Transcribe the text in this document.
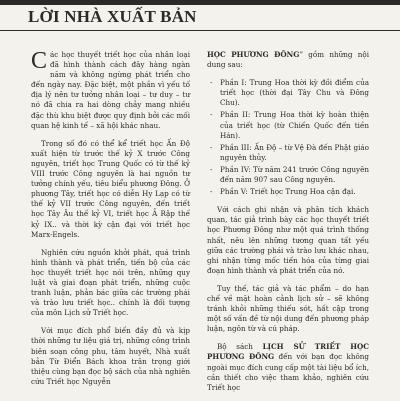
LỜI NHÀ XUẤT BẢN

Các học thuyết triết học của nhân loại đã hình thành cách đây hàng ngàn năm và không ngừng phát triển cho đến ngày nay. Đặc biệt, một phần vì yếu tố địa lý nên tư tưởng nhân loại – tư duy – tư nó đã chia ra hai dòng chảy mang nhiều đặc thù khu biệt được quy định bởi các mối quan hệ kinh tế – xã hội khác nhau.

Trong số đó có thể kể triết học Ấn Độ xuất hiện từ trước thế kỷ X trước Công nguyên, triết học Trung Quốc có từ thế kỷ VIII trước Công nguyên là hai nguồn tư tưởng chính yếu, tiêu biểu phương Đông. Ở phương Tây, triết học có diễn Hy Lạp có từ thế kỷ VII trước Công nguyên, đến triết học Tây Âu thế kỷ VI, triết học Ả Rập thế kỷ IX.. và thời kỳ cận đại với triết học Marx-Engels.

Nghiên cứu nguồn khởi phát, quá trình hình thành và phát triển, tiến bộ của các học thuyết triết học nói trên, những quy luật và giai đoạn phát triển, những cuộc tranh luận, phản bác giữa các trường phái và trào lưu triết học.. chính là đối tượng của môn Lịch sử Triết học.

Với mục đích phổ biến đầy đủ và kịp thời những tư liệu giá trị, những công trình biên soạn công phu, tâm huyết, Nhà xuất bản Từ Điển Bách khoa trân trọng giới thiệu cùng bạn đọc bộ sách của nhà nghiên cứu Triết học Nguyễn

HỌC PHƯƠNG ĐÔNG” gồm những nội dung sau:

- Phần I: Trung Hoa thời kỳ đồi điểm của triết học (thời đại Tây Chu và Đông Chu).
- Phần II: Trung Hoa thời kỳ hoàn thiện của triết học (từ Chiến Quốc đến tiền Hán).
- Phần III: Ấn Độ – từ Vệ Đà đến Phật giáo nguyên thủy.
- Phần IV: Từ năm 241 trước Công nguyên đến năm 907 sau Công nguyên.
- Phần V: Triết học Trung Hoa cận đại.

Với cách ghi nhận và phân tích khách quan, tác giả trình bày các học thuyết triết học Phương Đông như một quá trình thống nhất, nêu lên những tương quan tất yếu giữa các trường phái và trào lưu khác nhau, ghi nhận từng mốc tiến hóa của từng giai đoạn hình thành và phát triển của nó.

Tuy thế, tác giả và tác phẩm – do hạn chế về mặt hoàn cảnh lịch sử – sẽ không tránh khỏi những thiếu sót, hất cập trong một số vấn đề từ nội dung đến phương pháp luận, ngôn từ và cú pháp.

Bộ sách LỊCH SỬ TRIẾT HỌC PHƯƠNG ĐÔNG đến với bạn đọc không ngoài mục đích cung cấp một tài liệu bổ ích, cần thiết cho việc tham khảo, nghiên cứu Triết học
